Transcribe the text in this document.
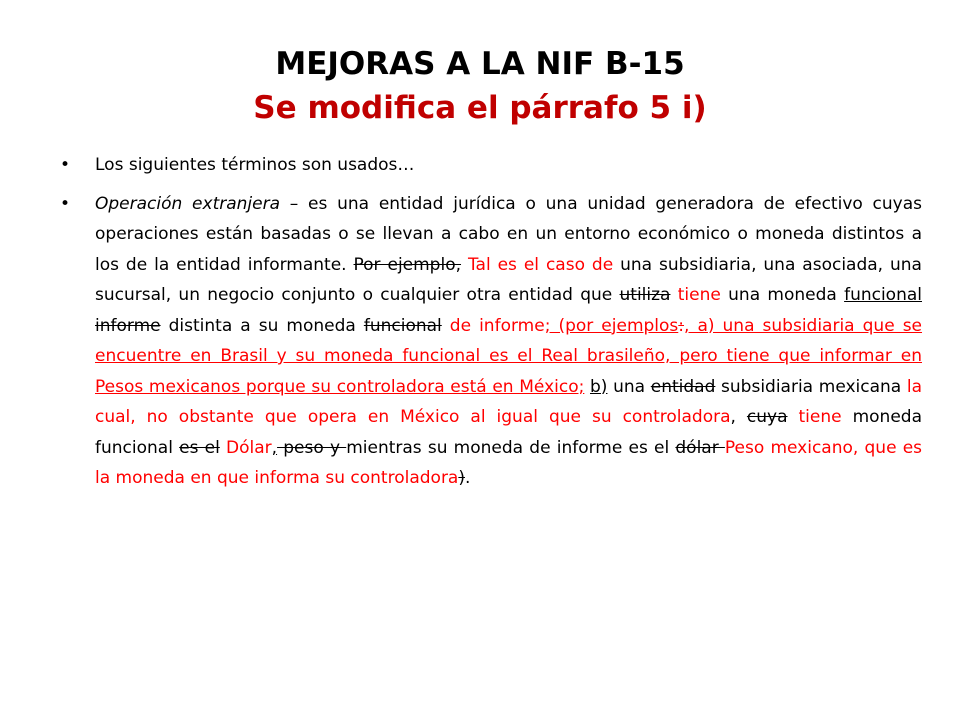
MEJORAS A LA NIF B-15
Se modifica el párrafo 5 i)
•	Los siguientes términos son usados…
•	Operación extranjera – es una entidad jurídica o una unidad generadora de efectivo cuyas operaciones están basadas o se llevan a cabo en un entorno económico o moneda distintos a los de la entidad informante. Por ejemplo, Tal es el caso de una subsidiaria, una asociada, una sucursal, un negocio conjunto o cualquier otra entidad que utiliza tiene una moneda funcional informe distinta a su moneda funcional de informe; (por ejemplos:, a) una subsidiaria que se encuentre en Brasil y su moneda funcional es el Real brasileño, pero tiene que informar en Pesos mexicanos porque su controladora está en México; b) una entidad subsidiaria mexicana la cual, no obstante que opera en México al igual que su controladora, cuya tiene moneda funcional es el Dólar, peso y mientras su moneda de informe es el dólar Peso mexicano, que es la moneda en que informa su controladora).
